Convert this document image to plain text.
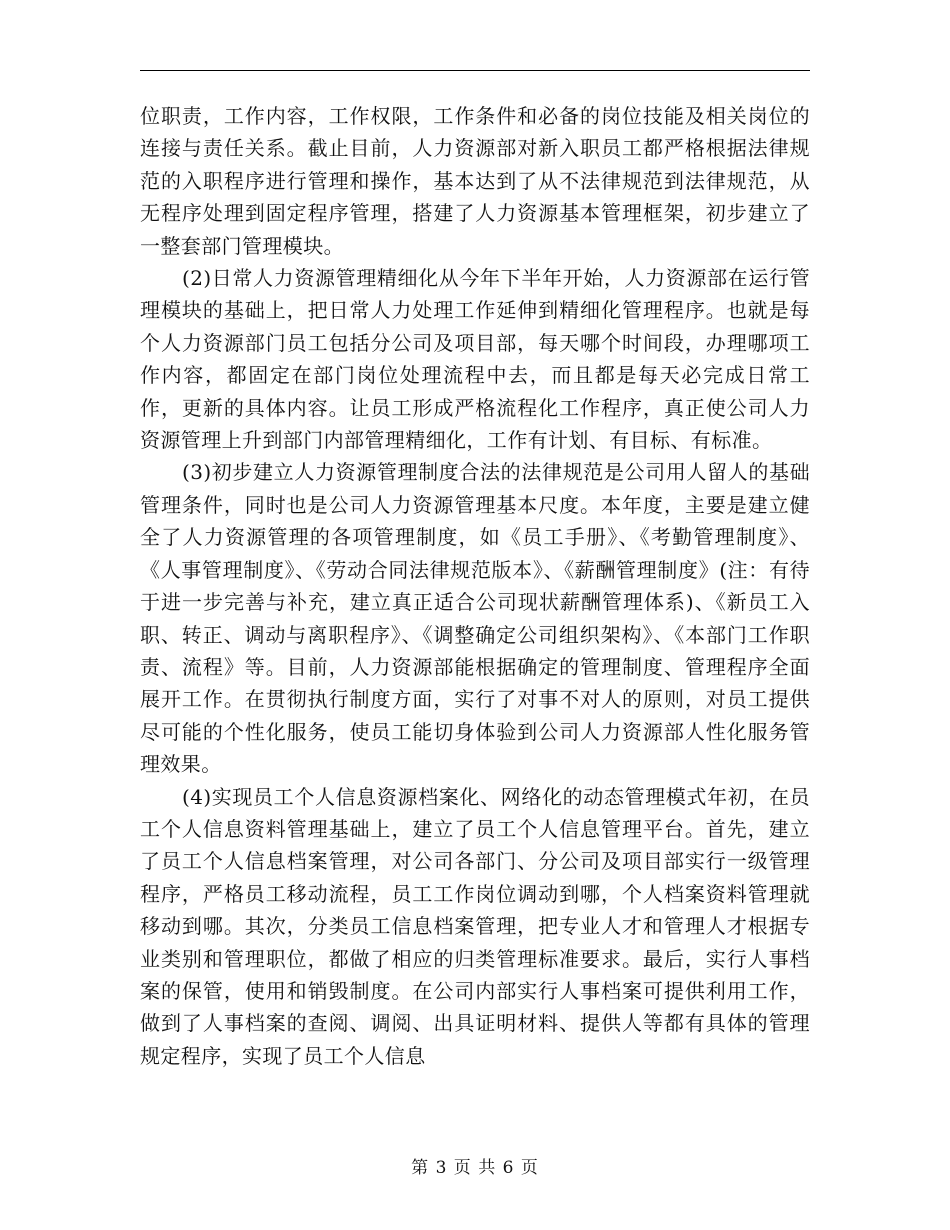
位职责，工作内容，工作权限，工作条件和必备的岗位技能及相关岗位的连接与责任关系。截止目前，人力资源部对新入职员工都严格根据法律规范的入职程序进行管理和操作，基本达到了从不法律规范到法律规范，从无程序处理到固定程序管理，搭建了人力资源基本管理框架，初步建立了一整套部门管理模块。

(2)日常人力资源管理精细化从今年下半年开始，人力资源部在运行管理模块的基础上，把日常人力处理工作延伸到精细化管理程序。也就是每个人力资源部门员工包括分公司及项目部，每天哪个时间段，办理哪项工作内容，都固定在部门岗位处理流程中去，而且都是每天必完成日常工作，更新的具体内容。让员工形成严格流程化工作程序，真正使公司人力资源管理上升到部门内部管理精细化，工作有计划、有目标、有标准。

(3)初步建立人力资源管理制度合法的法律规范是公司用人留人的基础管理条件，同时也是公司人力资源管理基本尺度。本年度，主要是建立健全了人力资源管理的各项管理制度，如《员工手册》、《考勤管理制度》、《人事管理制度》、《劳动合同法律规范版本》、《薪酬管理制度》(注：有待于进一步完善与补充，建立真正适合公司现状薪酬管理体系)、《新员工入职、转正、调动与离职程序》、《调整确定公司组织架构》、《本部门工作职责、流程》等。目前，人力资源部能根据确定的管理制度、管理程序全面展开工作。在贯彻执行制度方面，实行了对事不对人的原则，对员工提供尽可能的个性化服务，使员工能切身体验到公司人力资源部人性化服务管理效果。

(4)实现员工个人信息资源档案化、网络化的动态管理模式年初，在员工个人信息资料管理基础上，建立了员工个人信息管理平台。首先，建立了员工个人信息档案管理，对公司各部门、分公司及项目部实行一级管理程序，严格员工移动流程，员工工作岗位调动到哪，个人档案资料管理就移动到哪。其次，分类员工信息档案管理，把专业人才和管理人才根据专业类别和管理职位，都做了相应的归类管理标准要求。最后，实行人事档案的保管，使用和销毁制度。在公司内部实行人事档案可提供利用工作，做到了人事档案的查阅、调阅、出具证明材料、提供人等都有具体的管理规定程序，实现了员工个人信息

第 3 页 共 6 页
